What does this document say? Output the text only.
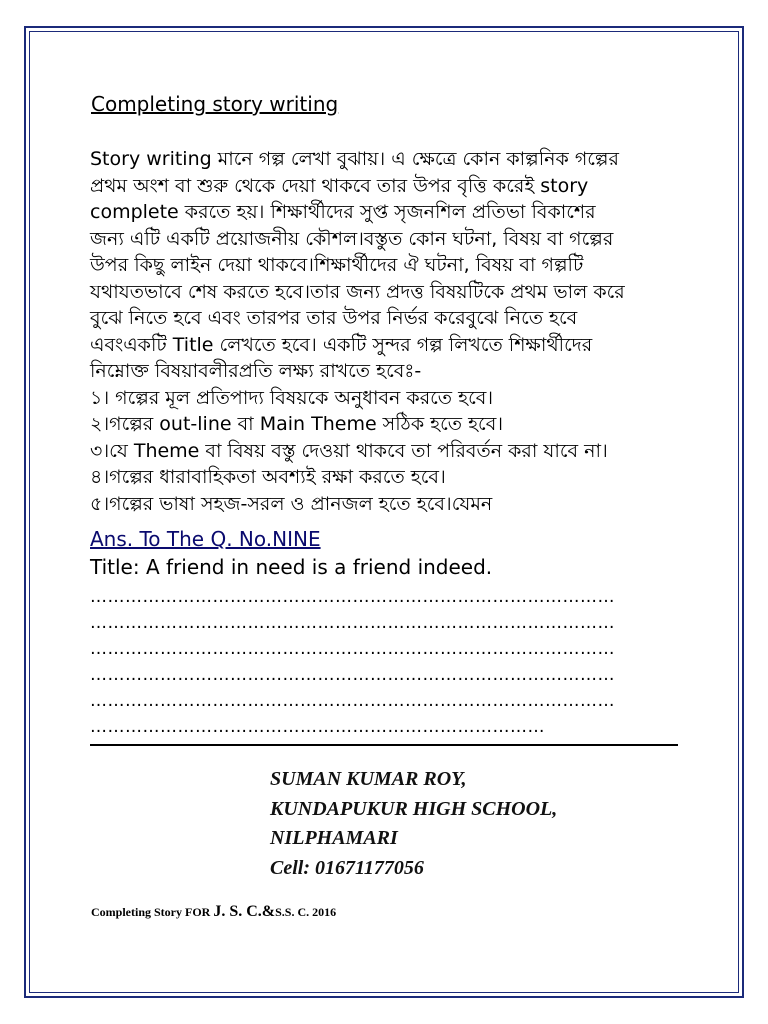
Completing story writing
Story writing মানে গল্প লেখা বুঝায়। এ ক্ষেত্রে কোন কাল্পনিক গল্পের
প্রথম অংশ বা শুরু থেকে দেয়া থাকবে তার উপর বৃত্তি করেই story
complete করতে হয়। শিক্ষার্থীদের সুপ্ত সৃজনশিল প্রতিভা বিকাশের
জন্য এটি একটি প্রয়োজনীয় কৌশল।বস্তুত কোন ঘটনা, বিষয় বা গল্পের
উপর কিছু লাইন দেয়া থাকবে।শিক্ষার্থীদের ঐ ঘটনা, বিষয় বা গল্পটি
যথাযতভাবে শেষ করতে হবে।তার জন্য প্রদত্ত বিষয়টিকে প্রথম ভাল করে
বুঝে নিতে হবে এবং তারপর তার উপর নির্ভর করেবুঝে নিতে হবে
এবংএকটি Title লেখতে হবে। একটি সুন্দর গল্প লিখতে শিক্ষার্থীদের
নিম্নোক্ত বিষয়াবলীরপ্রতি লক্ষ্য রাখতে হবেঃ-
১। গল্পের মূল প্রতিপাদ্য বিষয়কে অনুধাবন করতে হবে।
২।গল্পের out-line বা Main Theme সঠিক হতে হবে।
৩।যে Theme বা বিষয় বস্তু দেওয়া থাকবে তা পরিবর্তন করা যাবে না।
৪।গল্পের ধারাবাহিকতা অবশ্যই রক্ষা করতে হবে।
৫।গল্পের ভাষা সহজ-সরল ও প্রানজল হতে হবে।যেমন
Ans. To The Q. No.NINE
Title: A friend in need is a friend indeed.
………………………………………………………………………………
………………………………………………………………………………
………………………………………………………………………………
………………………………………………………………………………
………………………………………………………………………………
……………………………………………………………………
SUMAN KUMAR ROY,
KUNDAPUKUR HIGH SCHOOL,
NILPHAMARI
Cell: 01671177056
Completing Story FOR J. S. C.&S.S. C. 2016
